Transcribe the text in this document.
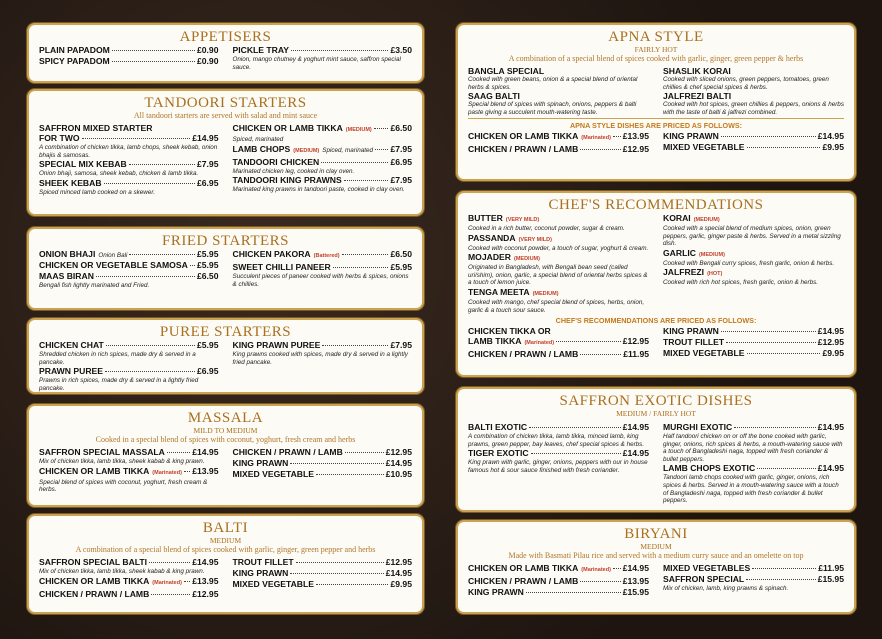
APPETISERS
PLAIN PAPADOM	£0.90
SPICY PAPADOM	£0.90
PICKLE TRAY	£3.50
Onion, mango chutney & yoghurt mint sauce, saffron special sauce.
TANDOORI STARTERS
All tandoori starters are served with salad and mint sauce
SAFFRON MIXED STARTER
FOR TWO	£14.95
A combination of chicken tikka, lamb chops, sheek kebab, onion bhajis & samosas.
SPECIAL MIX KEBAB	£7.95
Onion bhaji, samosa, sheek kebab, chicken & lamb tikka.
SHEEK KEBAB	£6.95
Spiced minced lamb cooked on a skewer.
CHICKEN OR LAMB TIKKA (MEDIUM) £6.50
Spiced, marinated
LAMB CHOPS (MEDIUM) Spiced, marinated £7.95
TANDOORI CHICKEN	£6.95
Marinated chicken leg, cooked in clay oven.
TANDOORI KING PRAWNS	£7.95
Marinated king prawns in tandoori paste, cooked in clay oven.
FRIED STARTERS
ONION BHAJI Onion Bali	£5.95
CHICKEN OR VEGETABLE SAMOSA £5.95
MAAS BIRAN	£6.50
Bengali fish lightly marinated and Fried.
CHICKEN PAKORA (Battered)	£6.50
SWEET CHILLI PANEER	£5.95
Succulent pieces of paneer cooked with herbs & spices, onions & chillies.
PUREE STARTERS
CHICKEN CHAT	£5.95
Shredded chicken in rich spices, made dry & served in a pancake.
PRAWN PUREE	£6.95
Prawns in rich spices, made dry & served in a lightly fried pancake.
KING PRAWN PUREE	£7.95
King prawns cooked with spices, made dry & served in a lightly fried pancake.
MASSALA
MILD TO MEDIUM
Cooked in a special blend of spices with coconut, yoghurt, fresh cream and herbs
SAFFRON SPECIAL MASSALA	£14.95
Mix of chicken tikka, lamb tikka, sheek kabab & king prawn.
CHICKEN OR LAMB TIKKA (Marinated) £13.95
Special blend of spices with coconut, yoghurt, fresh cream & herbs.
CHICKEN / PRAWN / LAMB	£12.95
KING PRAWN	£14.95
MIXED VEGETABLE	£10.95
BALTI
MEDIUM
A combination of a special blend of spices cooked with garlic, ginger, green pepper and herbs
SAFFRON SPECIAL BALTI	£14.95
Mix of chicken tikka, lamb tikka, sheek kabab & king prawn.
CHICKEN OR LAMB TIKKA (Marinated) £13.95
CHICKEN / PRAWN / LAMB	£12.95
TROUT FILLET	£12.95
KING PRAWN	£14.95
MIXED VEGETABLE	£9.95
APNA STYLE
FAIRLY HOT
A combination of a special blend of spices cooked with garlic, ginger, green pepper & herbs
BANGLA SPECIAL
Cooked with green beans, onion & a special blend of oriental herbs & spices.
SAAG BALTI
Special blend of spices with spinach, onions, peppers & balti paste giving a succulent mouth-watering taste.
SHASLIK KORAI
Cooked with sliced onions, green peppers, tomatoes, green chillies & chef special spices & herbs.
JALFREZI BALTI
Cooked with hot spices, green chillies & peppers, onions & herbs with the taste of balti & jalfrezi combined.
APNA STYLE DISHES ARE PRICED AS FOLLOWS:
CHICKEN OR LAMB TIKKA (Marinated) £13.95
CHICKEN / PRAWN / LAMB	£12.95
KING PRAWN	£14.95
MIXED VEGETABLE	£9.95
CHEF'S RECOMMENDATIONS
BUTTER (VERY MILD)
Cooked in a rich butter, coconut powder, sugar & cream.
PASSANDA (VERY MILD)
Cooked with coconut powder, a touch of sugar, yoghurt & cream.
MOJADER (MEDIUM)
Originated in Bangladesh, with Bengali bean seed (called uri/shim), onion, garlic, a special blend of oriental herbs spices & a touch of lemon juice.
TENGA MEETA (MEDIUM)
Cooked with mango, chef special blend of spices, herbs, onion, garlic & a touch sour sauce.
KORAI (MEDIUM)
Cooked with a special blend of medium spices, onion, green peppers, garlic, ginger paste & herbs. Served in a metal sizzling dish.
GARLIC (MEDIUM)
Cooked with Bengali curry spices, fresh garlic, onion & herbs.
JALFREZI (HOT)
Cooked with rich hot spices, fresh garlic, onion & herbs.
CHEF'S RECOMMENDATIONS ARE PRICED AS FOLLOWS:
CHICKEN TIKKA OR
LAMB TIKKA (Marinated)	£12.95
CHICKEN / PRAWN / LAMB	£11.95
KING PRAWN	£14.95
TROUT FILLET	£12.95
MIXED VEGETABLE	£9.95
SAFFRON EXOTIC DISHES
MEDIUM / FAIRLY HOT
BALTI EXOTIC	£14.95
A combination of chicken tikka, lamb tikka, minced lamb, king prawns, green pepper, bay leaves, chef special spices & herbs.
TIGER EXOTIC	£14.95
King prawn with garlic, ginger, onions, peppers with our in house famous hot & sour sauce finished with fresh coriander.
MURGHI EXOTIC	£14.95
Half tandoori chicken on or off the bone cooked with garlic, ginger, onions, rich spices & herbs, a mouth-watering sauce with a touch of Bangladeshi naga, topped with fresh coriander & bullet peppers.
LAMB CHOPS EXOTIC	£14.95
Tandoori lamb chops cooked with garlic, ginger, onions, rich spices & herbs. Served in a mouth-watering sauce with a touch of Bangladeshi naga, topped with fresh coriander & bullet peppers.
BIRYANI
MEDIUM
Made with Basmati Pilau rice and served with a medium curry sauce and an omelette on top
CHICKEN OR LAMB TIKKA (Marinated) £14.95
CHICKEN / PRAWN / LAMB	£13.95
KING PRAWN	£15.95
MIXED VEGETABLES	£11.95
SAFFRON SPECIAL	£15.95
Mix of chicken, lamb, king prawns & spinach.
